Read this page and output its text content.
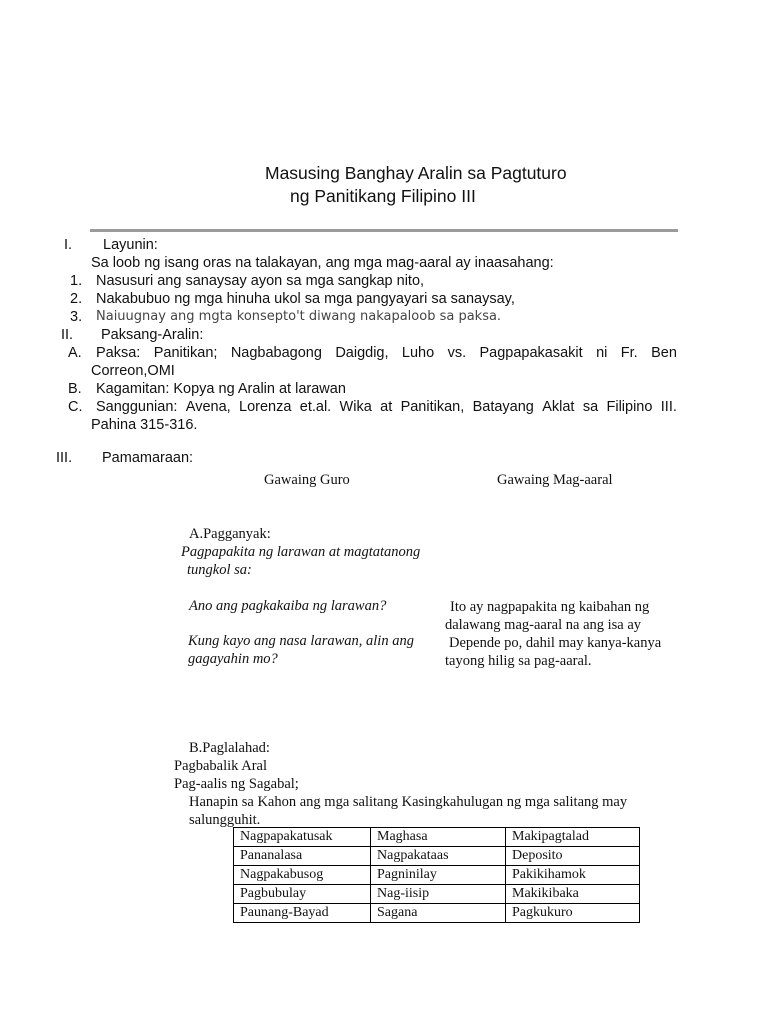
Masusing Banghay Aralin sa Pagtuturo
ng Panitikang Filipino III
I. Layunin:
Sa loob ng isang oras na talakayan, ang mga mag-aaral ay inaasahang:
1. Nasusuri ang sanaysay ayon sa mga sangkap nito,
2. Nakabubuo ng mga hinuha ukol sa mga pangyayari sa sanaysay,
3. Naiuugnay ang mgta konsepto't diwang nakapaloob sa paksa.
II. Paksang-Aralin:
A. Paksa: Panitikan; Nagbabagong Daigdig, Luho vs. Pagpapakasakit ni Fr. Ben
Correon,OMI
B. Kagamitan: Kopya ng Aralin at larawan
C. Sanggunian: Avena, Lorenza et.al. Wika at Panitikan, Batayang Aklat sa Filipino III.
Pahina 315-316.
III. Pamamaraan:
Gawaing Guro	Gawaing Mag-aaral
A.Pagganyak:
Pagpapakita ng larawan at magtatanong
tungkol sa:
Ano ang pagkakaiba ng larawan?
Kung kayo ang nasa larawan, alin ang
gagayahin mo?
Ito ay nagpapakita ng kaibahan ng
dalawang mag-aaral na ang isa ay
Depende po, dahil may kanya-kanya
tayong hilig sa pag-aaral.
B.Paglalahad:
Pagbabalik Aral
Pag-aalis ng Sagabal;
Hanapin sa Kahon ang mga salitang Kasingkahulugan ng mga salitang may
salungguhit.
Nagpapakatusak	Maghasa	Makipagtalad
Pananalasa	Nagpakataas	Deposito
Nagpakabusog	Pagninilay	Pakikihamok
Pagbubulay	Nag-iisip	Makikibaka
Paunang-Bayad	Sagana	Pagkukuro
